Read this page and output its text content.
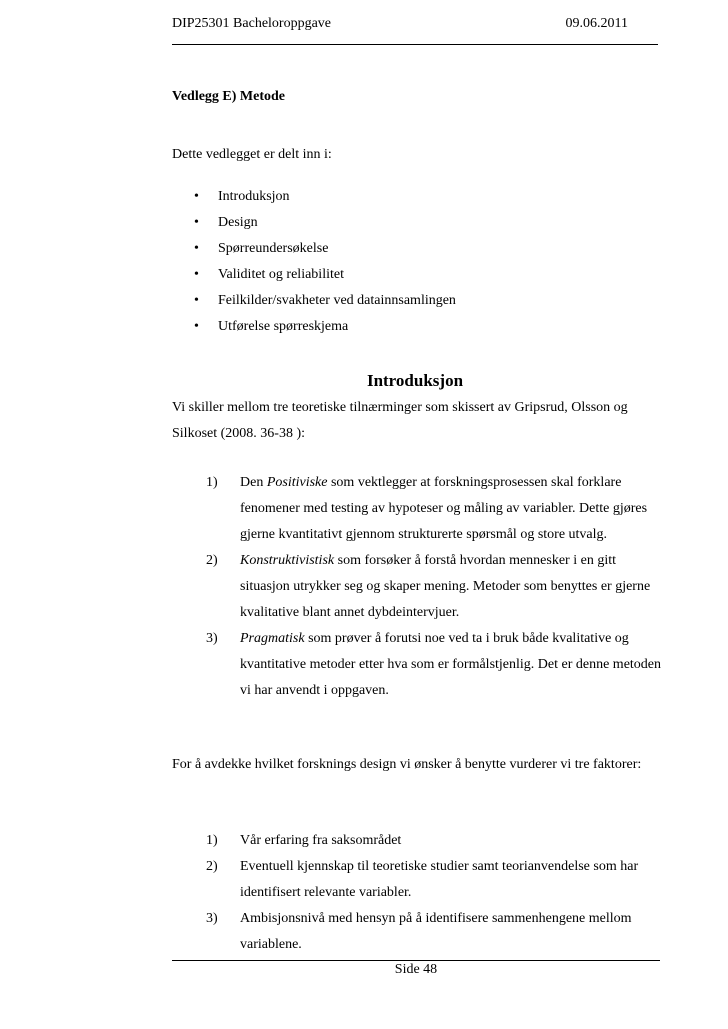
DIP25301 Bacheloroppgave	09.06.2011

Vedlegg E) Metode

Dette vedlegget er delt inn i:

• Introduksjon
• Design
• Spørreundersøkelse
• Validitet og reliabilitet
• Feilkilder/svakheter ved datainnsamlingen
• Utførelse spørreskjema
Introduksjon

Vi skiller mellom tre teoretiske tilnærminger som skissert av Gripsrud, Olsson og Silkoset (2008. 36-38 ):

1) Den Positiviske som vektlegger at forskningsprosessen skal forklare fenomener med testing av hypoteser og måling av variabler. Dette gjøres gjerne kvantitativt gjennom strukturerte spørsmål og store utvalg.
2) Konstruktivistisk som forsøker å forstå hvordan mennesker i en gitt situasjon utrykker seg og skaper mening. Metoder som benyttes er gjerne kvalitative blant annet dybdeintervjuer.
3) Pragmatisk som prøver å forutsi noe ved ta i bruk både kvalitative og kvantitative metoder etter hva som er formålstjenlig. Det er denne metoden vi har anvendt i oppgaven.

For å avdekke hvilket forsknings design vi ønsker å benytte vurderer vi tre faktorer:

1) Vår erfaring fra saksområdet
2) Eventuell kjennskap til teoretiske studier samt teorianvendelse som har identifisert relevante variabler.
3) Ambisjonsnivå med hensyn på å identifisere sammenhengene mellom variablene.
Side 48
